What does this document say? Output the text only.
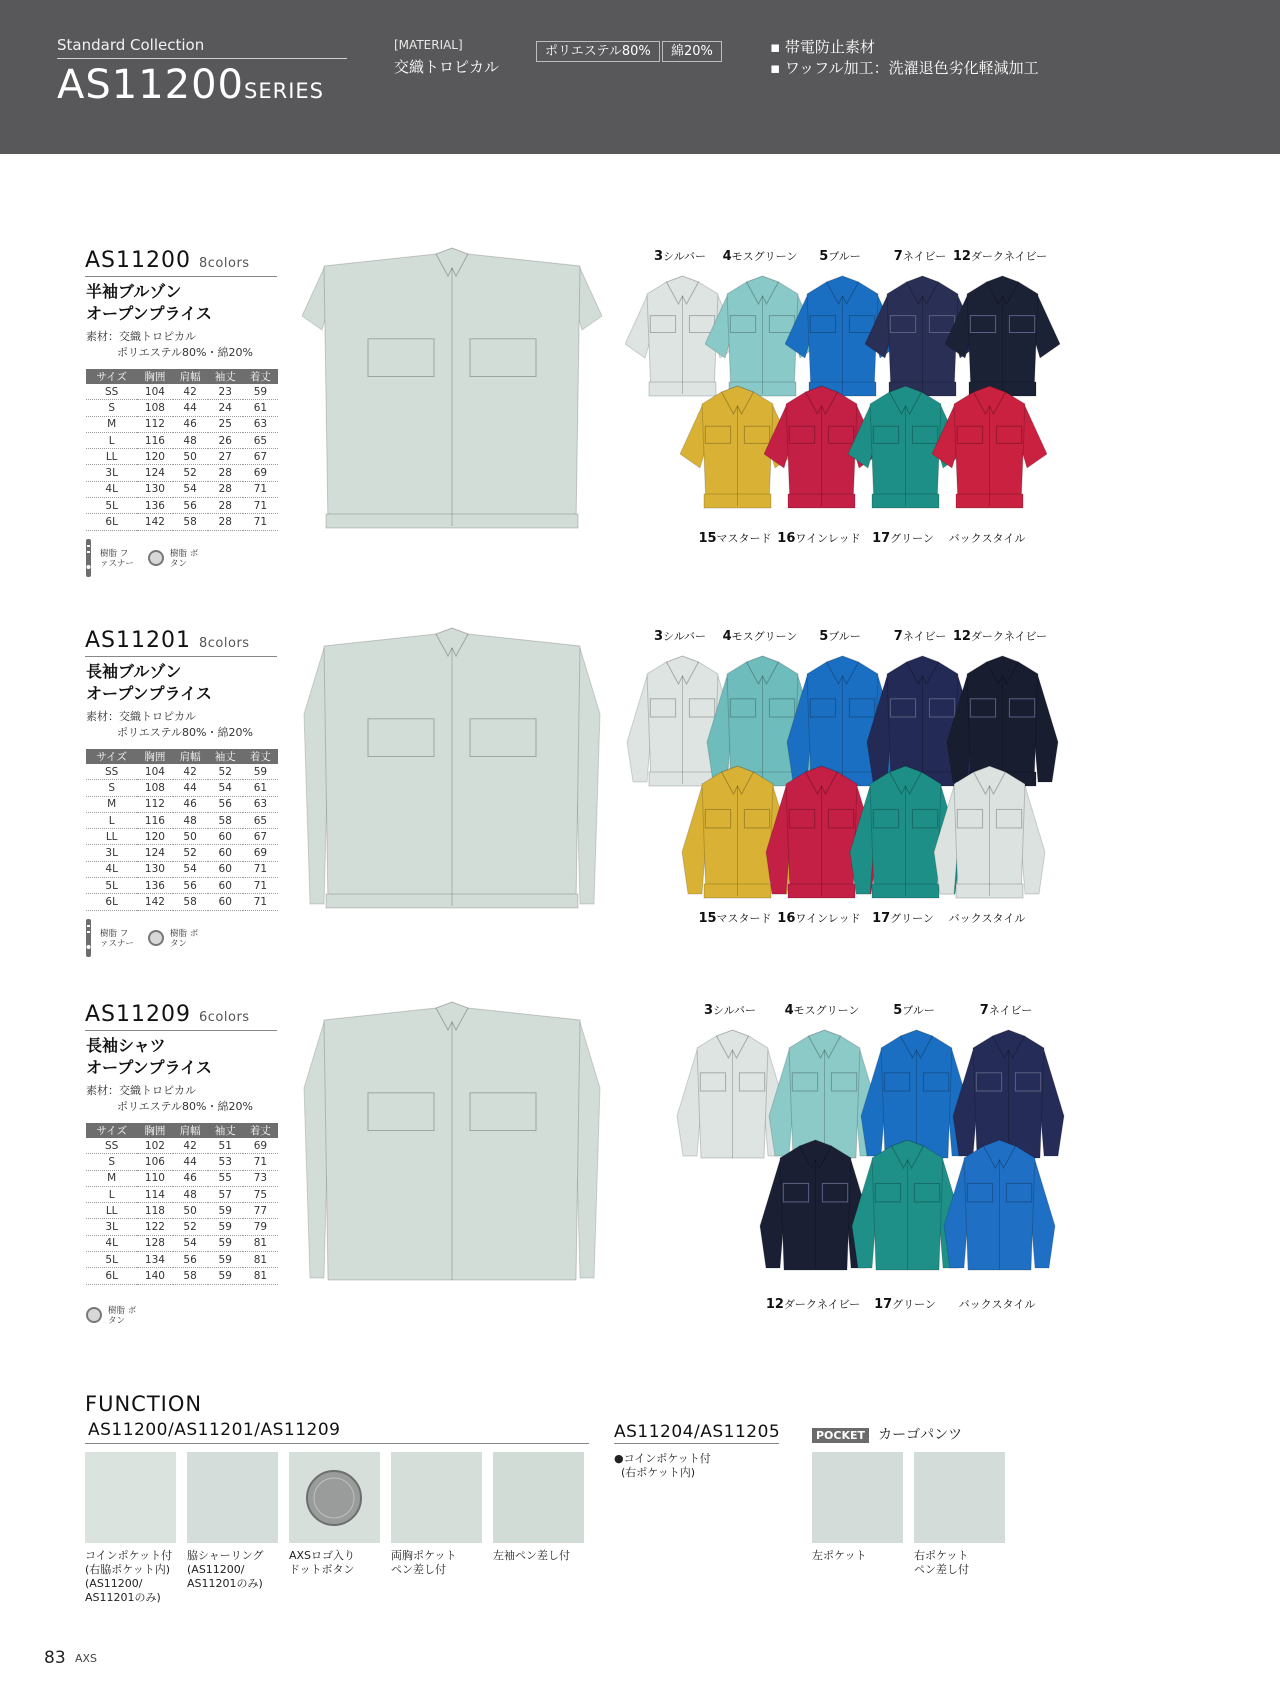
Standard Collection
AS11200SERIES
[MATERIAL]
交織トロピカル
ポリエステル80%	綿20%	▪ 帯電防止素材
▪ ワッフル加工：洗濯退色劣化軽減加工
AS11200 8colors
半袖ブルゾン
オープンプライス
素材：交織トロピカル
ポリエステル80%・綿20%
サイズ	胸囲	肩幅	袖丈	着丈
SS	104	42	23	59
S	108	44	24	61
M	112	46	25	63
L	116	48	26	65
LL	120	50	27	67
3L	124	52	28	69
4L	130	54	28	71
5L	136	56	28	71
6L	142	58	28	71
樹脂 ファスナー
樹脂 ボタン
3シルバー 4モスグリーン 5ブルー	7ネイビー 12ダークネイビー
15マスタード 16ワインレッド 17グリーン バックスタイル
AS11201 8colors
長袖ブルゾン
オープンプライス
素材：交織トロピカル
ポリエステル80%・綿20%
サイズ	胸囲	肩幅	袖丈	着丈
SS	104	42	52	59
S	108	44	54	61
M	112	46	56	63
L	116	48	58	65
LL	120	50	60	67
3L	124	52	60	69
4L	130	54	60	71
5L	136	56	60	71
6L	142	58	60	71
樹脂 ファスナー
樹脂 ボタン
3シルバー 4モスグリーン 5ブルー	7ネイビー 12ダークネイビー
15マスタード 16ワインレッド 17グリーン バックスタイル
AS11209 6colors
長袖シャツ
オープンプライス
素材：交織トロピカル
ポリエステル80%・綿20%
サイズ	胸囲	肩幅	袖丈	着丈
SS	102	42	51	69
S	106	44	53	71
M	110	46	55	73
L	114	48	57	75
LL	118	50	59	77
3L	122	52	59	79
4L	128	54	59	81
5L	134	56	59	81
6L	140	58	59	81
樹脂 ボタン
3シルバー 4モスグリーン	5ブルー	7ネイビー
12ダークネイビー 17グリーン バックスタイル
FUNCTION
AS11200/AS11201/AS11209
コインポケット付
(右脇ポケット内)
(AS11200/
AS11201のみ)
脇シャーリング
(AS11200/
AS11201のみ)
AXSロゴ入り
ドットボタン
両胸ポケット
ペン差し付
左袖ペン差し付
AS11204/AS11205
●コインポケット付
(右ポケット内)
POCKET カーゴパンツ
左ポケット	右ポケット
ペン差し付
83 AXS
